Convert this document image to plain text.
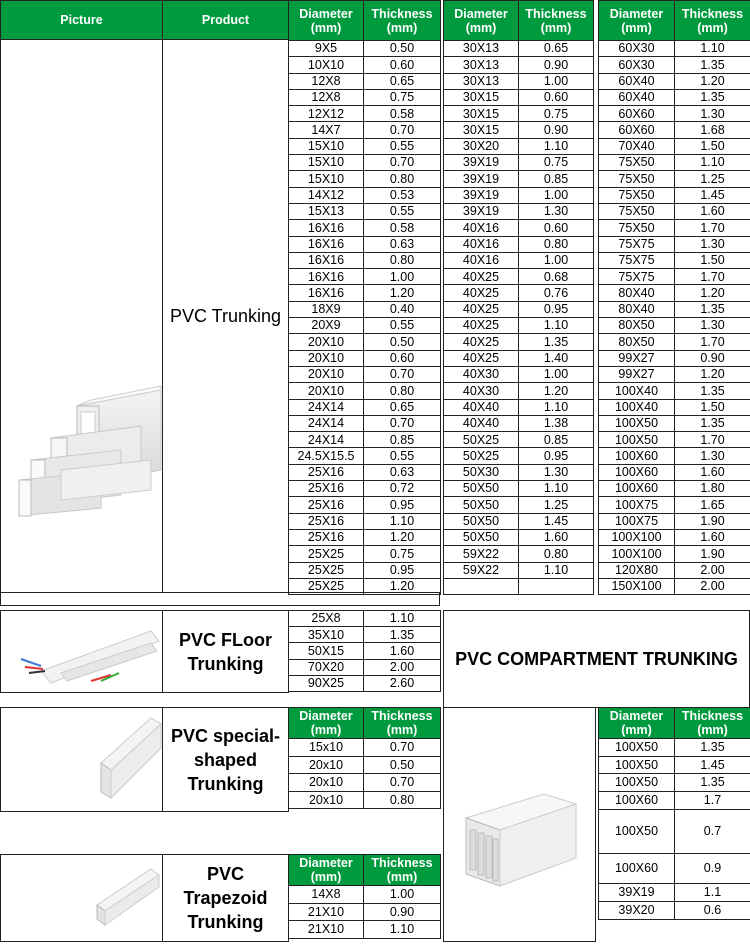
Picture	Product	Diameter (mm)	Thickness (mm)
9X5	0.50
10X10	0.60
12X8	0.65
12X8	0.75
12X12	0.58
14X7	0.70
15X10	0.55
15X10	0.70
15X10	0.80
14X12	0.53
15X13	0.55
16X16	0.58
16X16	0.63
16X16	0.80
16X16	1.00
16X16	1.20
18X9	0.40
20X9	0.55
20X10	0.50
20X10	0.60
20X10	0.70
20X10	0.80
24X14	0.65
24X14	0.70
24X14	0.85
24.5X15.5	0.55
25X16	0.63
25X16	0.72
25X16	0.95
25X16	1.10
25X16	1.20
25X25	0.75
25X25	0.95
25X25	1.20
Diameter (mm)	Thickness (mm)
30X13	0.65
30X13	0.90
30X13	1.00
30X15	0.60
30X15	0.75
30X15	0.90
30X20	1.10
39X19	0.75
39X19	0.85
39X19	1.00
39X19	1.30
40X16	0.60
40X16	0.80
40X16	1.00
40X25	0.68
40X25	0.76
40X25	0.95
40X25	1.10
40X25	1.35
40X25	1.40
40X30	1.00
40X30	1.20
40X40	1.10
40X40	1.38
50X25	0.85
50X25	0.95
50X30	1.30
50X50	1.10
50X50	1.25
50X50	1.45
50X50	1.60
59X22	0.80
59X22	1.10

Diameter (mm)	Thickness (mm)
60X30	1.10
60X30	1.35
60X40	1.20
60X40	1.35
60X60	1.30
60X60	1.68
70X40	1.50
75X50	1.10
75X50	1.25
75X50	1.45
75X50	1.60
75X50	1.70
75X75	1.30
75X75	1.50
75X75	1.70
80X40	1.20
80X40	1.35
80X50	1.30
80X50	1.70
99X27	0.90
99X27	1.20
100X40	1.35
100X40	1.50
100X50	1.35
100X50	1.70
100X60	1.30
100X60	1.60
100X60	1.80
100X75	1.65
100X75	1.90
100X100	1.60
100X100	1.90
120X80	2.00
150X100	2.00
PVC Trunking
PVC FLoor
Trunking
25X8	1.10
35X10	1.35
50X15	1.60
70X20	2.00
90X25	2.60
PVC COMPARTMENT TRUNKING
Diameter (mm)	Thickness (mm)
100X50	1.35
100X50	1.45
100X50	1.35
100X60	1.7
100X50	0.7
100X60	0.9
39X19	1.1
39X20	0.6
PVC special-
shaped
Trunking
Diameter (mm)	Thickness (mm)
15x10	0.70
20x10	0.50
20x10	0.70
20x10	0.80
PVC
Trapezoid
Trunking
Diameter (mm)	Thickness (mm)
14X8	1.00
21X10	0.90
21X10	1.10
